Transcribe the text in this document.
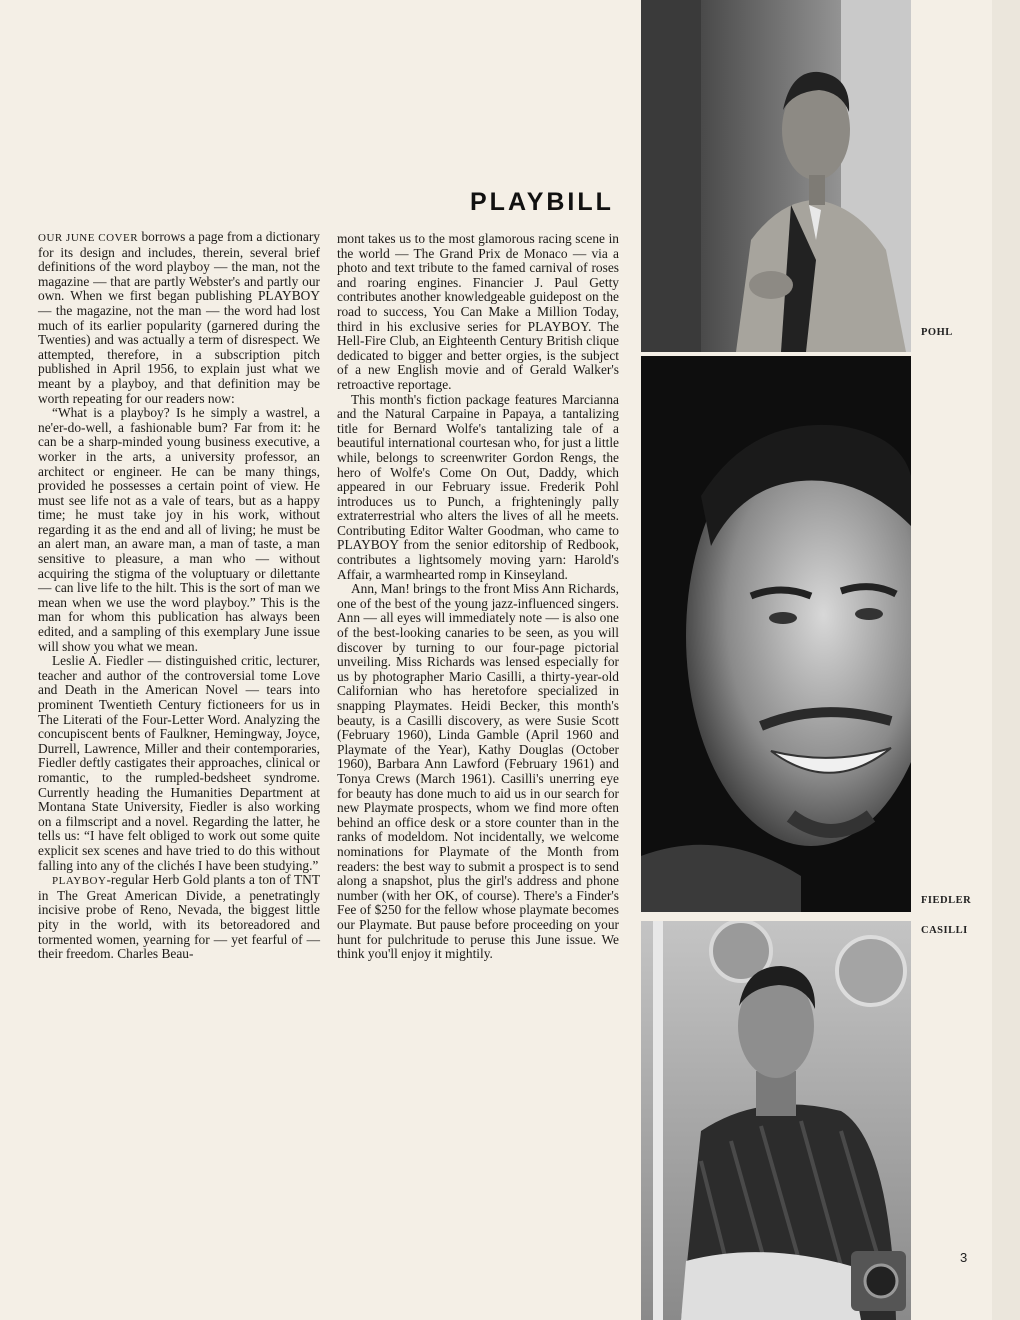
PLAYBILL

OUR JUNE COVER borrows a page from a dictionary for its design and includes, therein, several brief definitions of the word playboy — the man, not the magazine — that are partly Webster's and partly our own. When we first began publishing PLAYBOY — the magazine, not the man — the word had lost much of its earlier popularity (garnered during the Twenties) and was actually a term of disrespect. We attempted, therefore, in a subscription pitch published in April 1956, to explain just what we meant by a playboy, and that definition may be worth repeating for our readers now:

“What is a playboy? Is he simply a wastrel, a ne'er-do-well, a fashionable bum? Far from it: he can be a sharp-minded young business executive, a worker in the arts, a university professor, an architect or engineer. He can be many things, provided he possesses a certain point of view. He must see life not as a vale of tears, but as a happy time; he must take joy in his work, without regarding it as the end and all of living; he must be an alert man, an aware man, a man of taste, a man sensitive to pleasure, a man who — without acquiring the stigma of the voluptuary or dilettante — can live life to the hilt. This is the sort of man we mean when we use the word playboy.” This is the man for whom this publication has always been edited, and a sampling of this exemplary June issue will show you what we mean.

Leslie A. Fiedler — distinguished critic, lecturer, teacher and author of the controversial tome Love and Death in the American Novel — tears into prominent Twentieth Century fictioneers for us in The Literati of the Four-Letter Word. Analyzing the concupiscent bents of Faulkner, Hemingway, Joyce, Durrell, Lawrence, Miller and their contemporaries, Fiedler deftly castigates their approaches, clinical or romantic, to the rumpled-bedsheet syndrome. Currently heading the Humanities Department at Montana State University, Fiedler is also working on a filmscript and a novel. Regarding the latter, he tells us: “I have felt obliged to work out some quite explicit sex scenes and have tried to do this without falling into any of the clichés I have been studying.”

PLAYBOY-regular Herb Gold plants a ton of TNT in The Great American Divide, a penetratingly incisive probe of Reno, Nevada, the biggest little pity in the world, with its betoreadored and tormented women, yearning for — yet fearful of — their freedom. Charles Beau-

mont takes us to the most glamorous racing scene in the world — The Grand Prix de Monaco — via a photo and text tribute to the famed carnival of roses and roaring engines. Financier J. Paul Getty contributes another knowledgeable guidepost on the road to success, You Can Make a Million Today, third in his exclusive series for PLAYBOY. The Hell-Fire Club, an Eighteenth Century British clique dedicated to bigger and better orgies, is the subject of a new English movie and of Gerald Walker's retroactive reportage.

This month's fiction package features Marcianna and the Natural Carpaine in Papaya, a tantalizing title for Bernard Wolfe's tantalizing tale of a beautiful international courtesan who, for just a little while, belongs to screenwriter Gordon Rengs, the hero of Wolfe's Come On Out, Daddy, which appeared in our February issue. Frederik Pohl introduces us to Punch, a frighteningly pally extraterrestrial who alters the lives of all he meets. Contributing Editor Walter Goodman, who came to PLAYBOY from the senior editorship of Redbook, contributes a lightsomely moving yarn: Harold's Affair, a warmhearted romp in Kinseyland.

Ann, Man! brings to the front Miss Ann Richards, one of the best of the young jazz-influenced singers. Ann — all eyes will immediately note — is also one of the best-looking canaries to be seen, as you will discover by turning to our four-page pictorial unveiling. Miss Richards was lensed especially for us by photographer Mario Casilli, a thirty-year-old Californian who has heretofore specialized in snapping Playmates. Heidi Becker, this month's beauty, is a Casilli discovery, as were Susie Scott (February 1960), Linda Gamble (April 1960 and Playmate of the Year), Kathy Douglas (October 1960), Barbara Ann Lawford (February 1961) and Tonya Crews (March 1961). Casilli's unerring eye for beauty has done much to aid us in our search for new Playmate prospects, whom we find more often behind an office desk or a store counter than in the ranks of modeldom. Not incidentally, we welcome nominations for Playmate of the Month from readers: the best way to submit a prospect is to send along a snapshot, plus the girl's address and phone number (with her OK, of course). There's a Finder's Fee of $250 for the fellow whose playmate becomes our Playmate. But pause before proceeding on your hunt for pulchritude to peruse this June issue. We think you'll enjoy it mightily.

POHL
FIEDLER
CASILLI
3
